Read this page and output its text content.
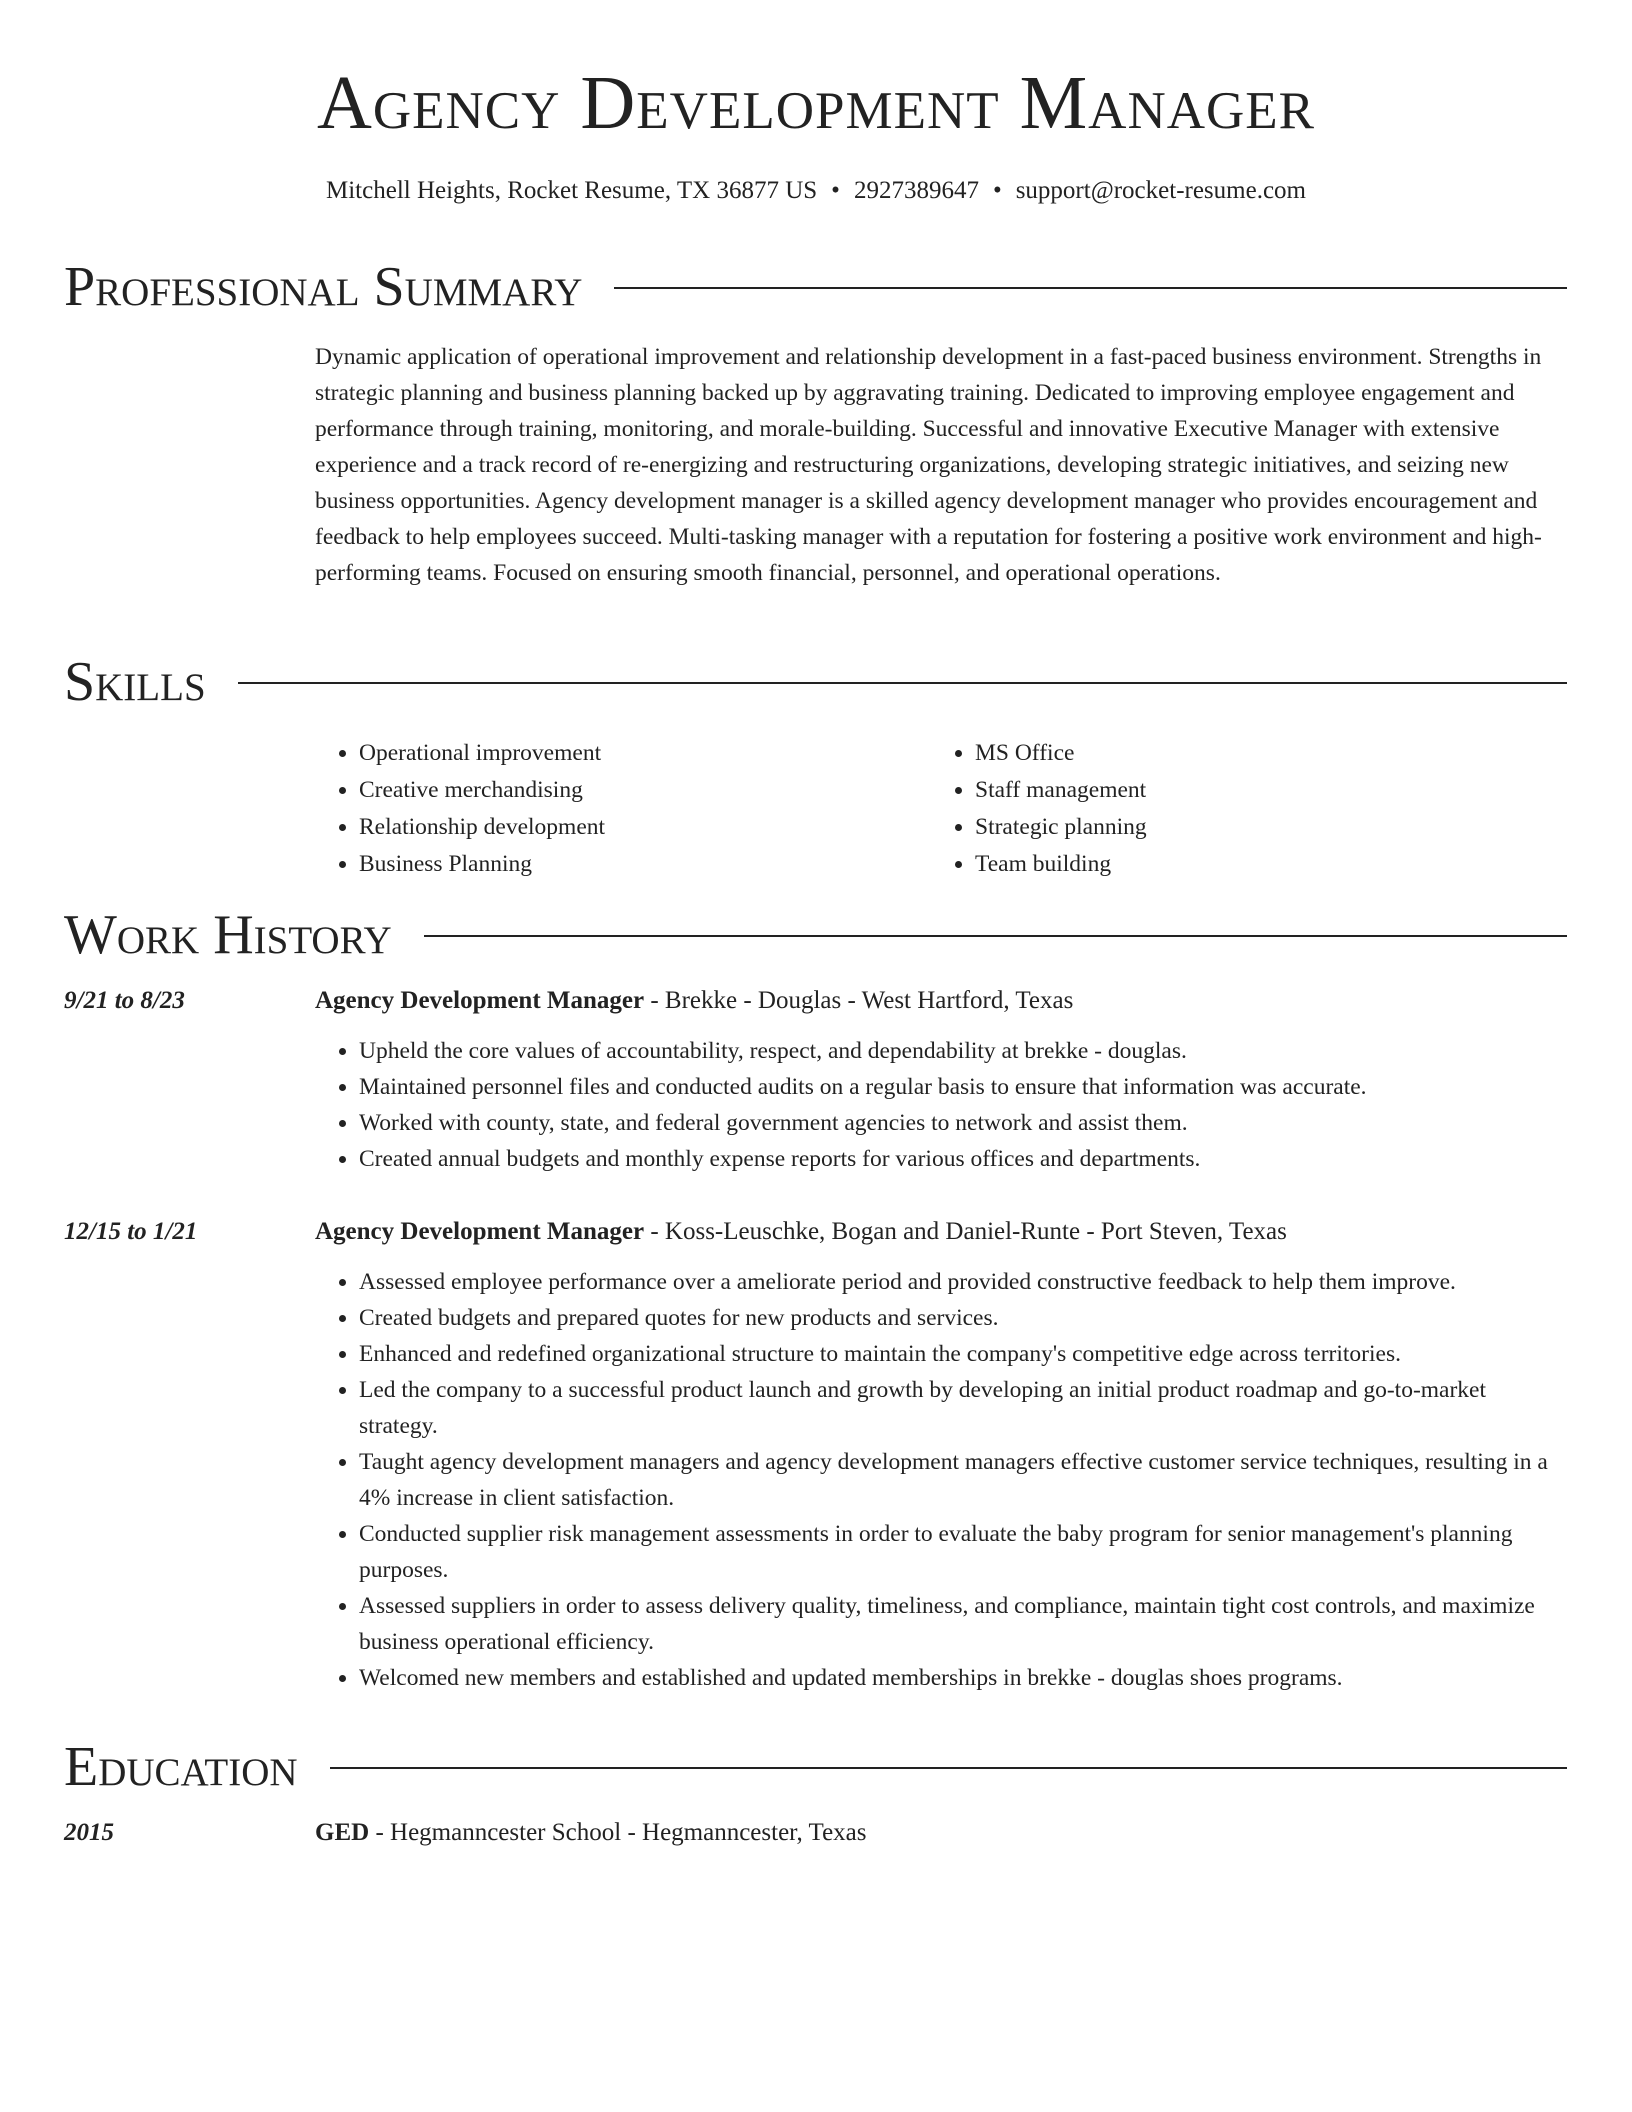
Agency Development Manager
Mitchell Heights, Rocket Resume, TX 36877 US • 2927389647 • support@rocket-resume.com
Professional Summary
Dynamic application of operational improvement and relationship development in a fast-paced business environment. Strengths in strategic planning and business planning backed up by aggravating training. Dedicated to improving employee engagement and performance through training, monitoring, and morale-building. Successful and innovative Executive Manager with extensive experience and a track record of re-energizing and restructuring organizations, developing strategic initiatives, and seizing new business opportunities. Agency development manager is a skilled agency development manager who provides encouragement and feedback to help employees succeed. Multi-tasking manager with a reputation for fostering a positive work environment and high-performing teams. Focused on ensuring smooth financial, personnel, and operational operations.
Skills
• Operational improvement
• Creative merchandising
• Relationship development
• Business Planning
• MS Office
• Staff management
• Strategic planning
• Team building
Work History
9/21 to 8/23	Agency Development Manager - Brekke - Douglas - West Hartford, Texas
• Upheld the core values of accountability, respect, and dependability at brekke - douglas.
• Maintained personnel files and conducted audits on a regular basis to ensure that information was accurate.
• Worked with county, state, and federal government agencies to network and assist them.
• Created annual budgets and monthly expense reports for various offices and departments.
12/15 to 1/21	Agency Development Manager - Koss-Leuschke, Bogan and Daniel-Runte - Port Steven, Texas
• Assessed employee performance over a ameliorate period and provided constructive feedback to help them improve.
• Created budgets and prepared quotes for new products and services.
• Enhanced and redefined organizational structure to maintain the company's competitive edge across territories.
• Led the company to a successful product launch and growth by developing an initial product roadmap and go-to-market strategy.
• Taught agency development managers and agency development managers effective customer service techniques, resulting in a 4% increase in client satisfaction.
• Conducted supplier risk management assessments in order to evaluate the baby program for senior management's planning purposes.
• Assessed suppliers in order to assess delivery quality, timeliness, and compliance, maintain tight cost controls, and maximize business operational efficiency.
• Welcomed new members and established and updated memberships in brekke - douglas shoes programs.
Education
2015	GED - Hegmanncester School - Hegmanncester, Texas
